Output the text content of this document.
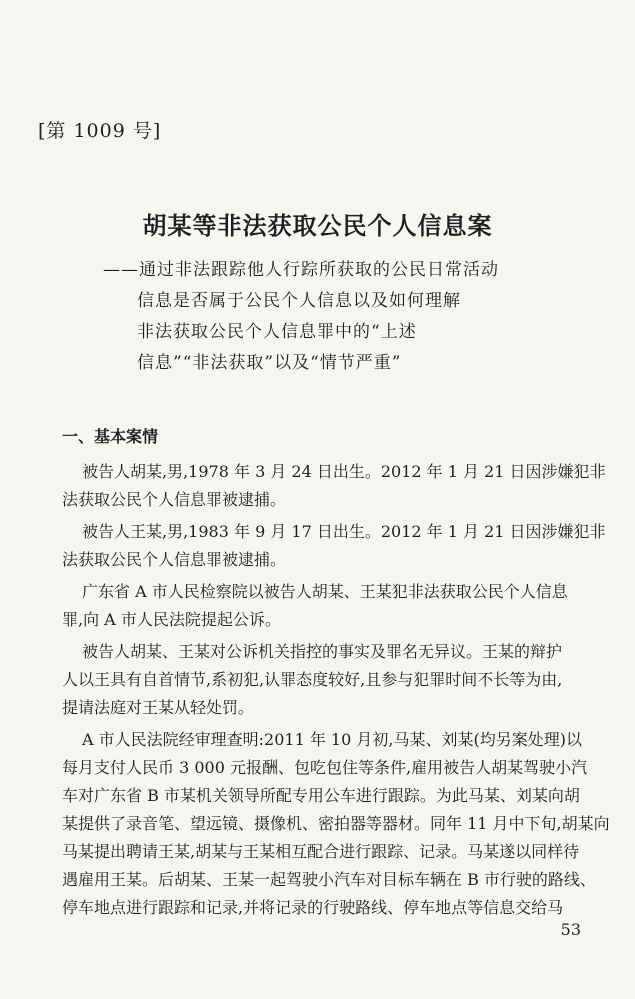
[第 1009 号]
胡某等非法获取公民个人信息案
——通过非法跟踪他人行踪所获取的公民日常活动
信息是否属于公民个人信息以及如何理解
非法获取公民个人信息罪中的“上述
信息”“非法获取”以及“情节严重”
一、基本案情

被告人胡某,男,1978 年 3 月 24 日出生。2012 年 1 月 21 日因涉嫌犯非
法获取公民个人信息罪被逮捕。

被告人王某,男,1983 年 9 月 17 日出生。2012 年 1 月 21 日因涉嫌犯非
法获取公民个人信息罪被逮捕。

广东省 A 市人民检察院以被告人胡某、王某犯非法获取公民个人信息
罪,向 A 市人民法院提起公诉。

被告人胡某、王某对公诉机关指控的事实及罪名无异议。王某的辩护
人以王具有自首情节,系初犯,认罪态度较好,且参与犯罪时间不长等为由,
提请法庭对王某从轻处罚。

A 市人民法院经审理查明:2011 年 10 月初,马某、刘某(均另案处理)以
每月支付人民币 3 000 元报酬、包吃包住等条件,雇用被告人胡某驾驶小汽
车对广东省 B 市某机关领导所配专用公车进行跟踪。为此马某、刘某向胡
某提供了录音笔、望远镜、摄像机、密拍器等器材。同年 11 月中下旬,胡某向
马某提出聘请王某,胡某与王某相互配合进行跟踪、记录。马某遂以同样待
遇雇用王某。后胡某、王某一起驾驶小汽车对目标车辆在 B 市行驶的路线、
停车地点进行跟踪和记录,并将记录的行驶路线、停车地点等信息交给马

53
